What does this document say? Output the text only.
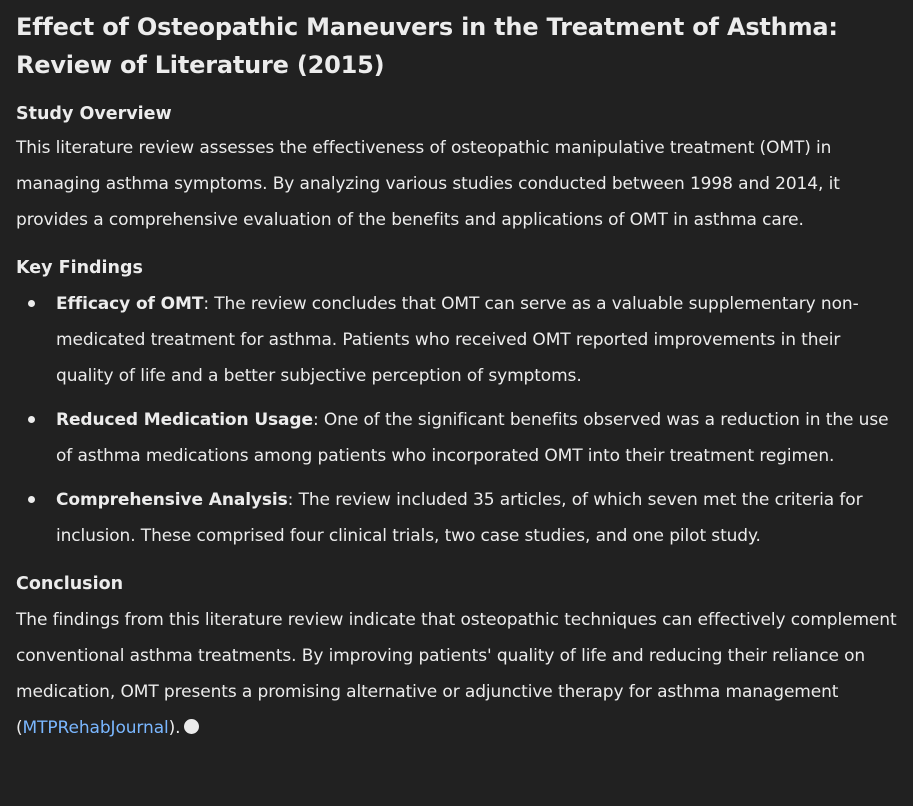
Effect of Osteopathic Maneuvers in the Treatment of Asthma: Review of Literature (2015)
Study Overview

This literature review assesses the effectiveness of osteopathic manipulative treatment (OMT) in managing asthma symptoms. By analyzing various studies conducted between 1998 and 2014, it provides a comprehensive evaluation of the benefits and applications of OMT in asthma care.

Key Findings
Efficacy of OMT: The review concludes that OMT can serve as a valuable supplementary non-medicated treatment for asthma. Patients who received OMT reported improvements in their quality of life and a better subjective perception of symptoms.
Reduced Medication Usage: One of the significant benefits observed was a reduction in the use of asthma medications among patients who incorporated OMT into their treatment regimen.
Comprehensive Analysis: The review included 35 articles, of which seven met the criteria for inclusion. These comprised four clinical trials, two case studies, and one pilot study.
Conclusion

The findings from this literature review indicate that osteopathic techniques can effectively complement conventional asthma treatments. By improving patients' quality of life and reducing their reliance on medication, OMT presents a promising alternative or adjunctive therapy for asthma management (MTPRehabJournal).
